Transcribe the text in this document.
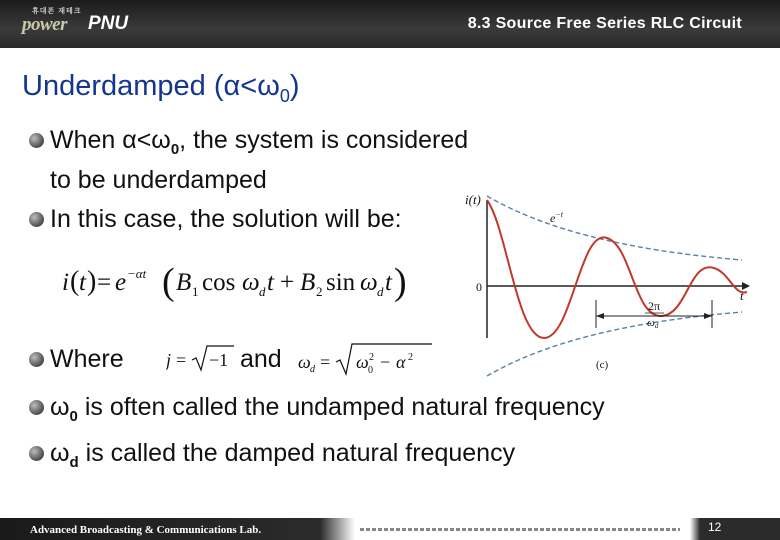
휴대폰 재테크
power PNU	8.3 Source Free Series RLC Circuit
Underdamped $(\alpha<\omega_0)$
When $\alpha<\omega_0$, the system is considered
to be underdamped
In this case, the solution will be:
i ( t ) = e −αt ( B 1 cos ω d t + B 2 sin ω d t )
Where j = −1 and ω d = ω 2
0 − α 2
$\omega_0$ is often called the undamped natural frequency
$\omega_d$ is called the damped natural frequency
i(t)
t
0
$e^{-t}$
2π
ωd
(c)
Advanced Broadcasting & Communications Lab.	12
